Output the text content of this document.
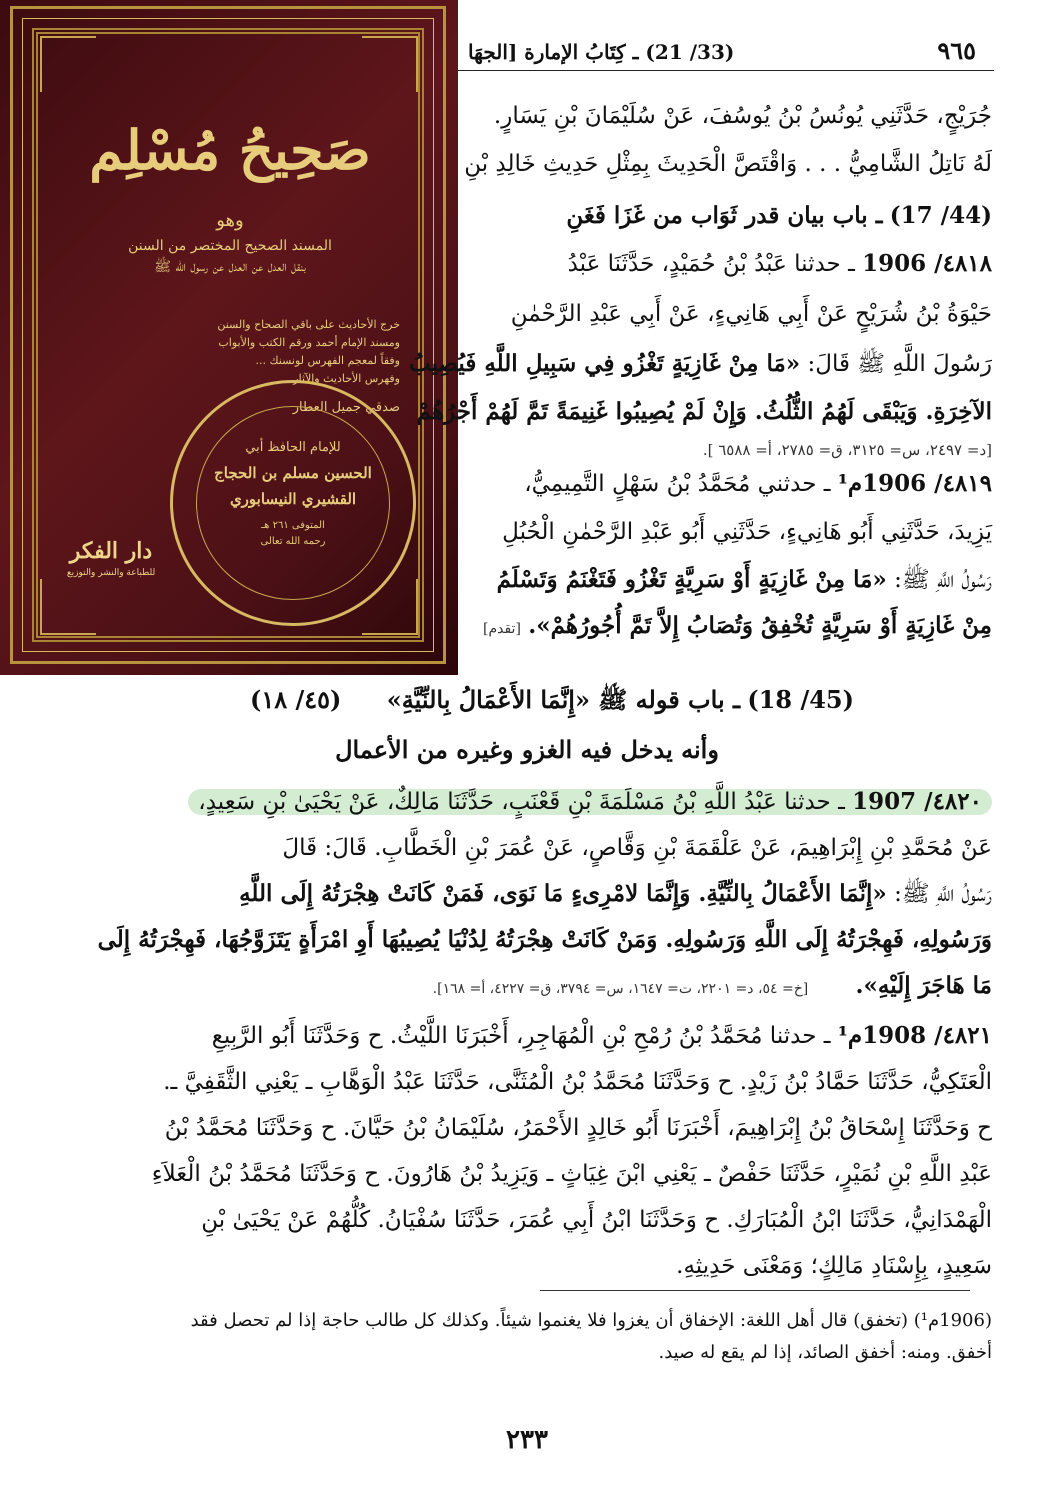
٩٦٥
(33/ 21) ـ كِتَابُ الإمارة [الجهَا
صَحِيحُ مُسْلِم
وهو
المسند الصحيح المختصر من السنن
بنقل العدل عن العدل عن رسول الله ﷺ
خرج الأحاديث على باقي الصحاح والسنن
ومسند الإمام أحمد ورقم الكتب والأبواب
وفقاً لمعجم الفهرس لونسنك ...
وفهرس الأحاديث والآثار ...
صدقي جميل العطار
للإمام الحافظ أبي
الحسين مسلم بن الحجاج
القشيري النيسابوري
المتوفى ٢٦١ هـ
رحمه الله تعالى
دار الفكر
للطباعة والنشر والتوزيع
جُرَيْجٍ، حَدَّثَنِي يُونُسُ بْنُ يُوسُفَ، عَنْ سُلَيْمَانَ بْنِ يَسَارٍ.
لَهُ نَاتِلُ الشَّامِيُّ . . . وَاقْتَصَّ الْحَدِيثَ بِمِثْلِ حَدِيثِ خَالِدِ بْنِ
(44/ 17) ـ باب بيان قدر ثَوَاب من غَزَا فَغَنِ
٤٨١٨/ 1906 ـ حدثنا عَبْدُ بْنُ حُمَيْدٍ، حَدَّثَنَا عَبْدُ
حَيْوَةُ بْنُ شُرَيْحٍ عَنْ أَبِي هَانِيءٍ، عَنْ أَبِي عَبْدِ الرَّحْمٰنِ
رَسُولَ اللَّهِ ﷺ قَالَ: «مَا مِنْ غَازِيَةٍ تَغْزُو فِي سَبِيلِ اللَّهِ فَيُصِيبُ
الآخِرَةِ. وَيَبْقَى لَهُمُ الثُّلُثُ. وَإِنْ لَمْ يُصِيبُوا غَنِيمَةً تَمَّ لَهُمْ أَجْرُهُمْ
[د= ٢٤٩٧، س= ٣١٢٥، ق= ٢٧٨٥، أ= ٦٥٨٨ ].
٤٨١٩/ 1906م¹ ـ حدثني مُحَمَّدُ بْنُ سَهْلٍ التَّمِيمِيُّ،
يَزِيدَ، حَدَّثَنِي أَبُو هَانِيءٍ، حَدَّثَنِي أَبُو عَبْدِ الرَّحْمٰنِ الْحُبُلِ
رَسُولُ اللَّهِ ﷺ: «مَا مِنْ غَازِيَةٍ أَوْ سَرِيَّةٍ تَغْزُو فَتَغْنَمُ وَتَسْلَمُ
مِنْ غَازِيَةٍ أَوْ سَرِيَّةٍ تُخْفِقُ وَتُصَابُ إِلاَّ تَمَّ أُجُورُهُمْ». [تقدم]
(45/ 18) ـ باب قوله ﷺ «إِنَّمَا الأَعْمَالُ بِالنِّيَّةِ»
(٤٥/ ١٨)
وأنه يدخل فيه الغزو وغيره من الأعمال
٤٨٢٠/ 1907 ـ حدثنا عَبْدُ اللَّهِ بْنُ مَسْلَمَةَ بْنِ قَعْنَبٍ، حَدَّثَنَا مَالِكٌ، عَنْ يَحْيَىٰ بْنِ سَعِيدٍ،
عَنْ مُحَمَّدِ بْنِ إِبْرَاهِيمَ، عَنْ عَلْقَمَةَ بْنِ وَقَّاصٍ، عَنْ عُمَرَ بْنِ الْخَطَّابِ. قَالَ: قَالَ
رَسُولُ اللَّهِ ﷺ: «إِنَّمَا الأَعْمَالُ بِالنِّيَّةِ. وَإِنَّمَا لامْرِىءٍ مَا نَوَى، فَمَنْ كَانَتْ هِجْرَتُهُ إِلَى اللَّهِ
وَرَسُولِهِ، فَهِجْرَتُهُ إِلَى اللَّهِ وَرَسُولِهِ. وَمَنْ كَانَتْ هِجْرَتُهُ لِدُنْيَا يُصِيبُهَا أَوِ امْرَأَةٍ يَتَزَوَّجُهَا، فَهِجْرَتُهُ إِلَى
مَا هَاجَرَ إِلَيْهِ». [خ= ٥٤، د= ٢٢٠١، ت= ١٦٤٧، س= ٣٧٩٤، ق= ٤٢٢٧، أ= ١٦٨].
٤٨٢١/ 1908م¹ ـ حدثنا مُحَمَّدُ بْنُ رُمْحِ بْنِ الْمُهَاجِرِ، أَخْبَرَنَا اللَّيْثُ. ح وَحَدَّثَنَا أَبُو الرَّبِيعِ
الْعَتَكِيُّ، حَدَّثَنَا حَمَّادُ بْنُ زَيْدٍ. ح وَحَدَّثَنَا مُحَمَّدُ بْنُ الْمُثَنَّى، حَدَّثَنَا عَبْدُ الْوَهَّابِ ـ يَعْنِي الثَّقَفِيَّ ـ.
ح وَحَدَّثَنَا إِسْحَاقُ بْنُ إِبْرَاهِيمَ، أَخْبَرَنَا أَبُو خَالِدٍ الأَحْمَرُ، سُلَيْمَانُ بْنُ حَيَّانَ. ح وَحَدَّثَنَا مُحَمَّدُ بْنُ
عَبْدِ اللَّهِ بْنِ نُمَيْرٍ، حَدَّثَنَا حَفْصٌ ـ يَعْنِي ابْنَ غِيَاثٍ ـ وَيَزِيدُ بْنُ هَارُونَ. ح وَحَدَّثَنَا مُحَمَّدُ بْنُ الْعَلاَءِ
الْهَمْدَانِيُّ، حَدَّثَنَا ابْنُ الْمُبَارَكِ. ح وَحَدَّثَنَا ابْنُ أَبِي عُمَرَ، حَدَّثَنَا سُفْيَانُ. كُلُّهُمْ عَنْ يَحْيَىٰ بْنِ
سَعِيدٍ، بِإِسْنَادِ مَالِكٍ؛ وَمَعْنَى حَدِيثِهِ.
(1906م¹) (تخفق) قال أهل اللغة: الإخفاق أن يغزوا فلا يغنموا شيئاً. وكذلك كل طالب حاجة إذا لم تحصل فقد
أخفق. ومنه: أخفق الصائد، إذا لم يقع له صيد.
٢٣٣
